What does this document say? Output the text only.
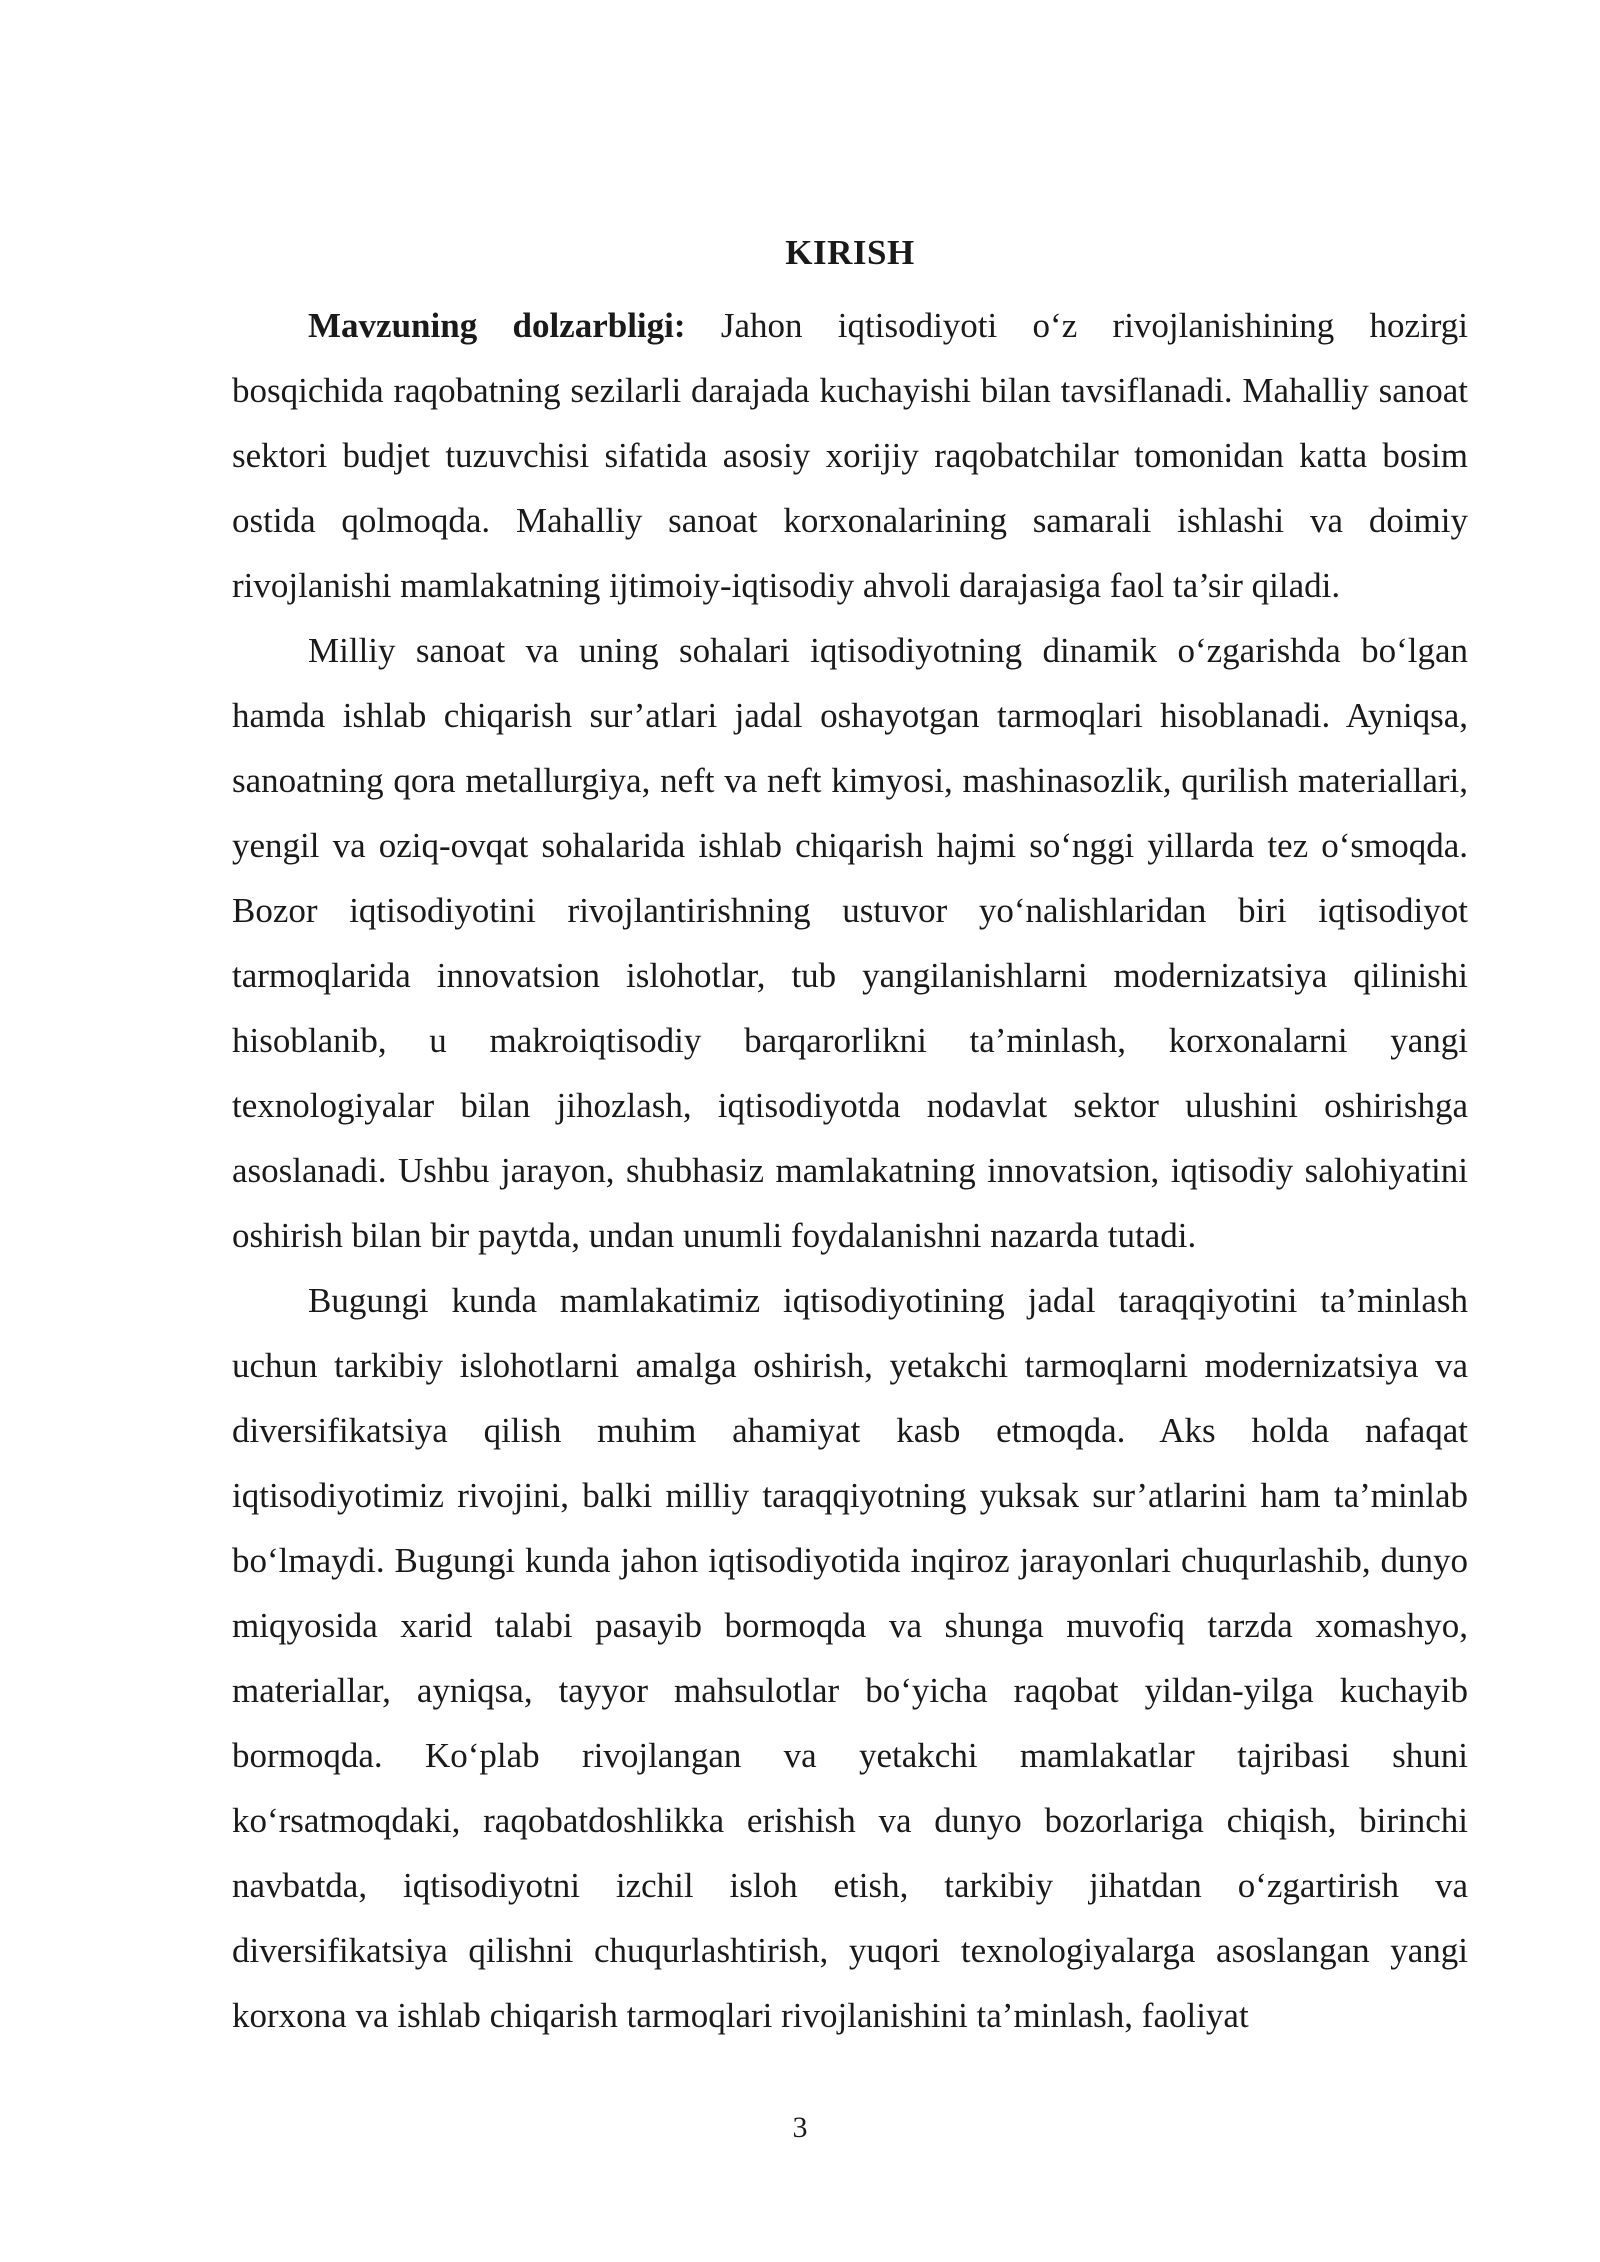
KIRISH

Mavzuning dolzarbligi: Jahon iqtisodiyoti o‘z rivojlanishining hozirgi bosqichida raqobatning sezilarli darajada kuchayishi bilan tavsiflanadi. Mahalliy sanoat sektori budjet tuzuvchisi sifatida asosiy xorijiy raqobatchilar tomonidan katta bosim ostida qolmoqda. Mahalliy sanoat korxonalarining samarali ishlashi va doimiy rivojlanishi mamlakatning ijtimoiy-iqtisodiy ahvoli darajasiga faol ta’sir qiladi.

Milliy sanoat va uning sohalari iqtisodiyotning dinamik o‘zgarishda bo‘lgan hamda ishlab chiqarish sur’atlari jadal oshayotgan tarmoqlari hisoblanadi. Ayniqsa, sanoatning qora metallurgiya, neft va neft kimyosi, mashinasozlik, qurilish materiallari, yengil va oziq-ovqat sohalarida ishlab chiqarish hajmi so‘nggi yillarda tez o‘smoqda. Bozor iqtisodiyotini rivojlantirishning ustuvor yo‘nalishlaridan biri iqtisodiyot tarmoqlarida innovatsion islohotlar, tub yangilanishlarni modernizatsiya qilinishi hisoblanib, u makroiqtisodiy barqarorlikni ta’minlash, korxonalarni yangi texnologiyalar bilan jihozlash, iqtisodiyotda nodavlat sektor ulushini oshirishga asoslanadi. Ushbu jarayon, shubhasiz mamlakatning innovatsion, iqtisodiy salohiyatini oshirish bilan bir paytda, undan unumli foydalanishni nazarda tutadi.

Bugungi kunda mamlakatimiz iqtisodiyotining jadal taraqqiyotini ta’minlash uchun tarkibiy islohotlarni amalga oshirish, yetakchi tarmoqlarni modernizatsiya va diversifikatsiya qilish muhim ahamiyat kasb etmoqda. Aks holda nafaqat iqtisodiyotimiz rivojini, balki milliy taraqqiyotning yuksak sur’atlarini ham ta’minlab bo‘lmaydi. Bugungi kunda jahon iqtisodiyotida inqiroz jarayonlari chuqurlashib, dunyo miqyosida xarid talabi pasayib bormoqda va shunga muvofiq tarzda xomashyo, materiallar, ayniqsa, tayyor mahsulotlar bo‘yicha raqobat yildan-yilga kuchayib bormoqda. Ko‘plab rivojlangan va yetakchi mamlakatlar tajribasi shuni ko‘rsatmoqdaki, raqobatdoshlikka erishish va dunyo bozorlariga chiqish, birinchi navbatda, iqtisodiyotni izchil isloh etish, tarkibiy jihatdan o‘zgartirish va diversifikatsiya qilishni chuqurlashtirish, yuqori texnologiyalarga asoslangan yangi korxona va ishlab chiqarish tarmoqlari rivojlanishini ta’minlash, faoliyat

3
